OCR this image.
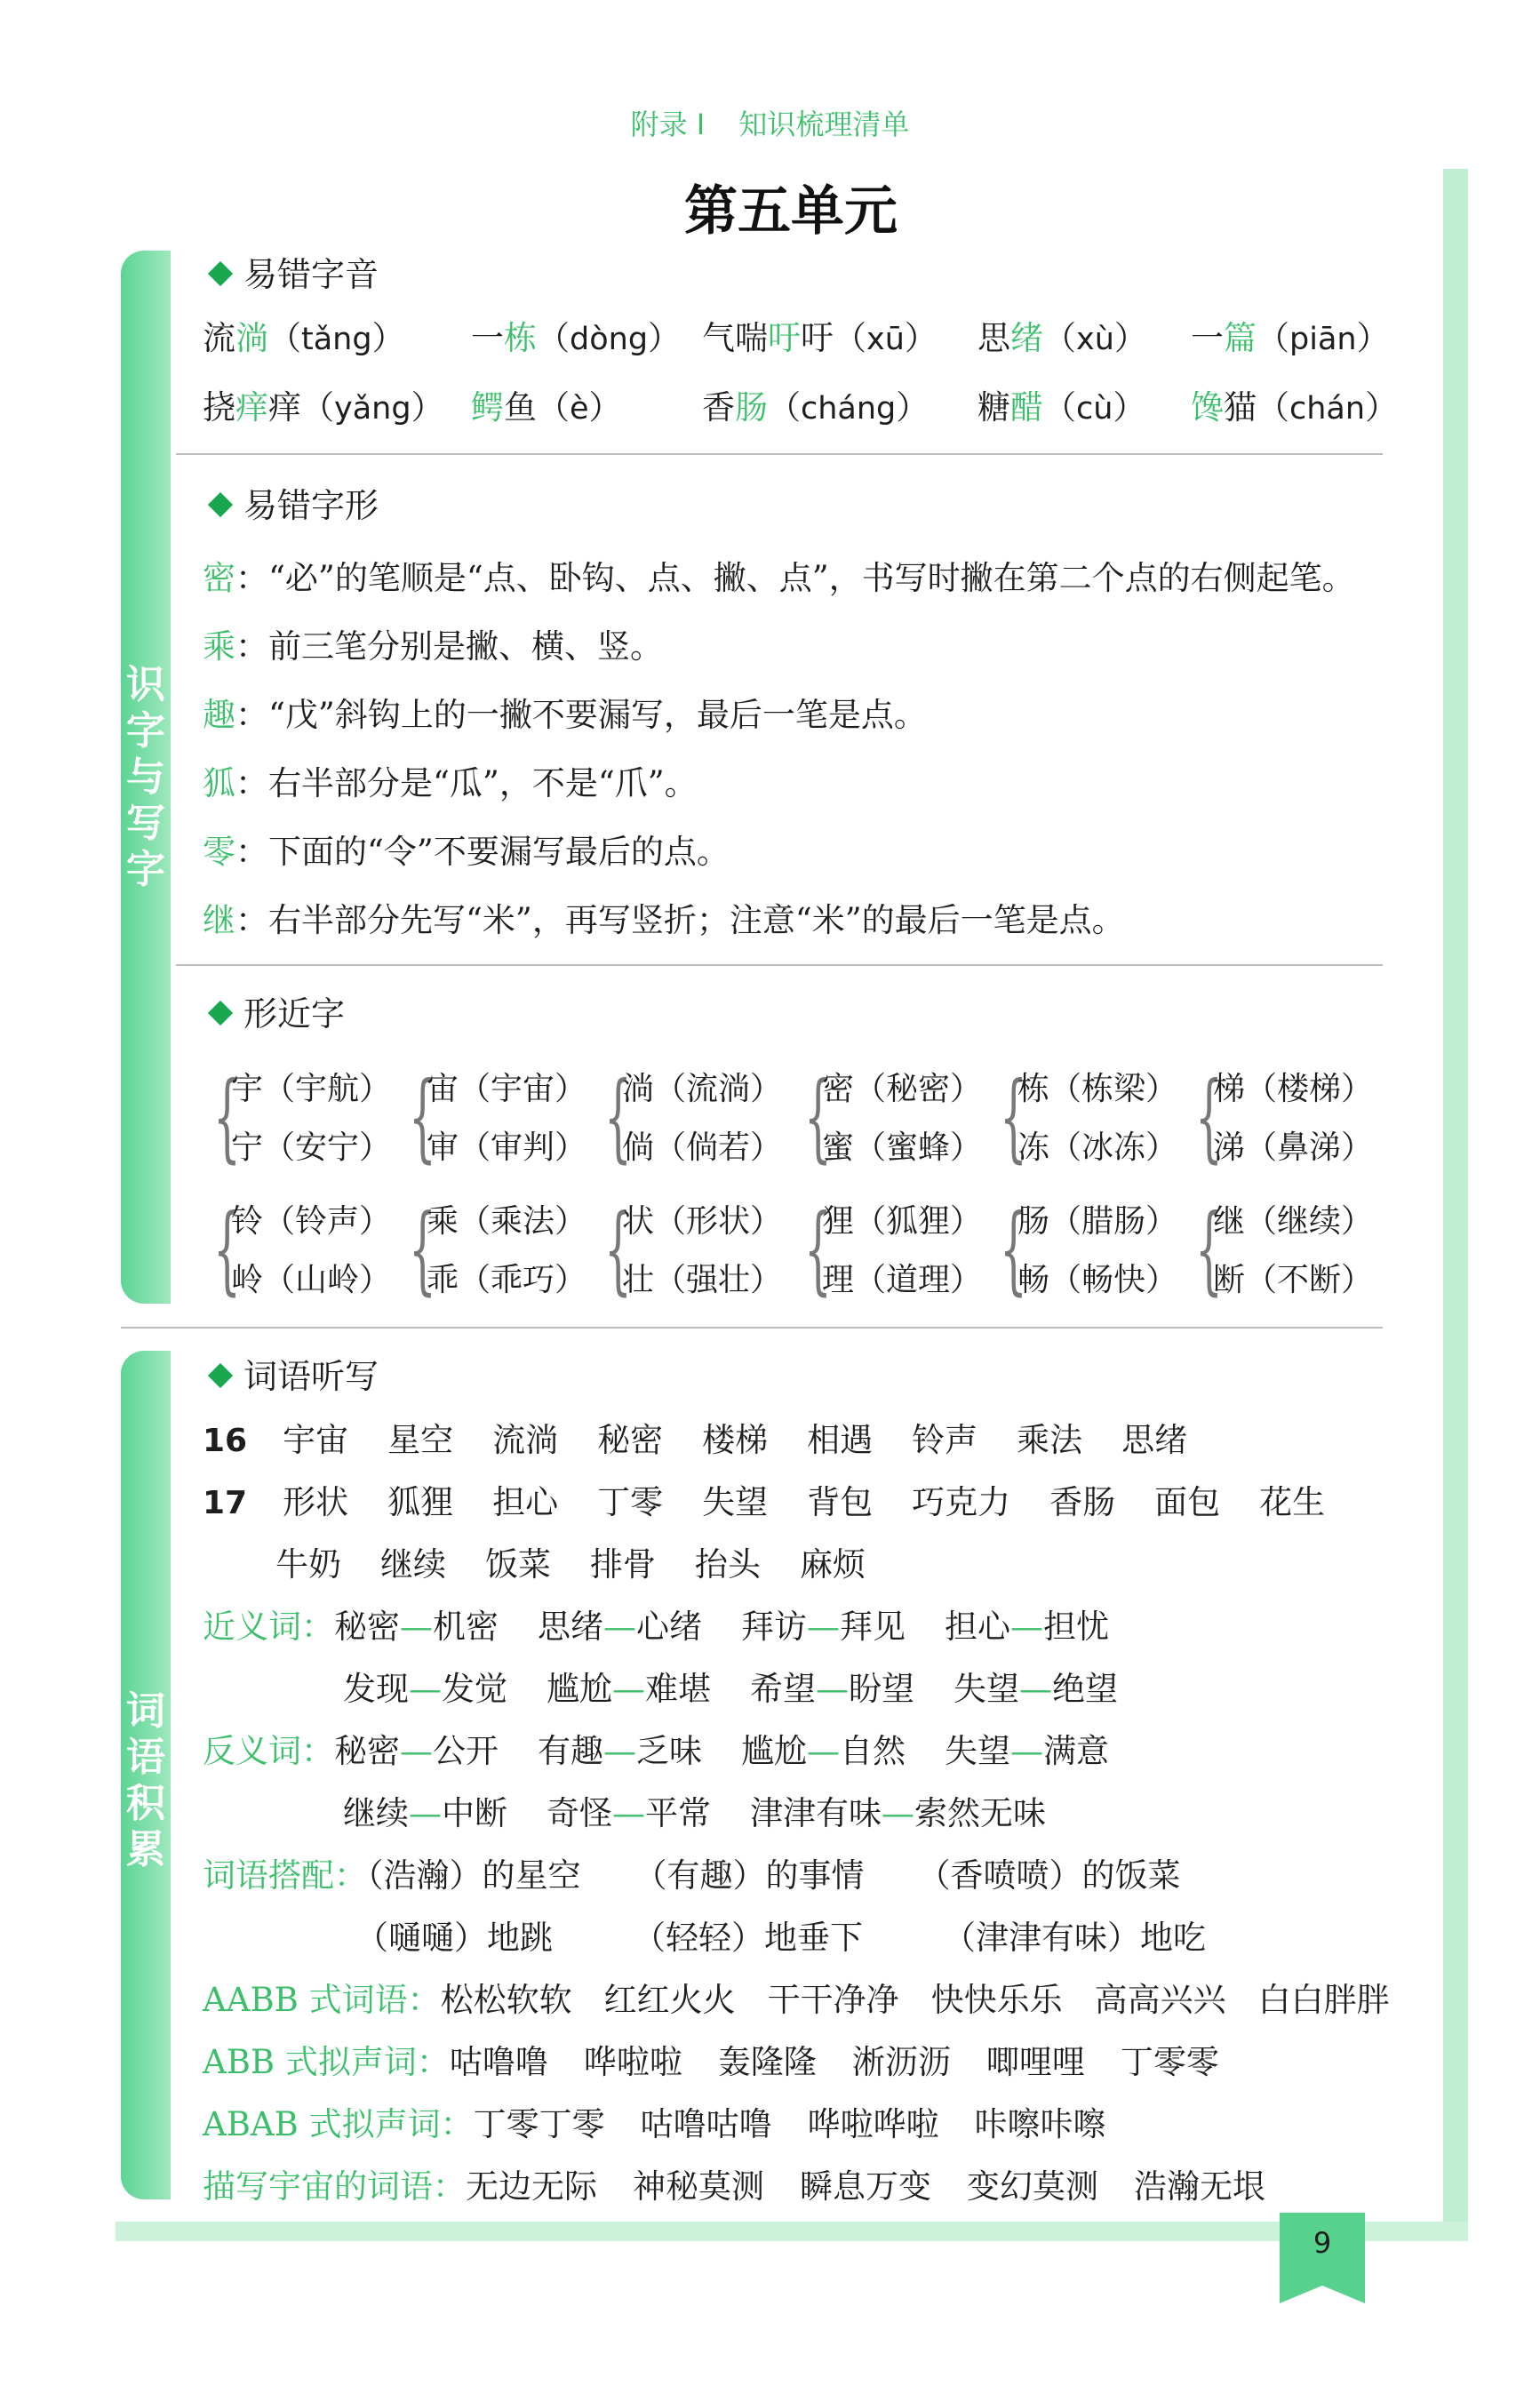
9
附录 I 知识梳理清单
第五单元
识字与写字
词语积累
易错字音
流淌（tǎng） 一栋（dòng） 气喘吁吁（xū） 思绪（xù） 一篇（piān）
挠痒痒（yǎng） 鳄鱼（è） 香肠（cháng） 糖醋（cù） 馋猫（chán）
易错字形
密：“必”的笔顺是“点、卧钩、点、撇、点”，书写时撇在第二个点的右侧起笔。
乘：前三笔分别是撇、横、竖。
趣：“戊”斜钩上的一撇不要漏写，最后一笔是点。
狐：右半部分是“瓜”，不是“爪”。
零：下面的“令”不要漏写最后的点。
继：右半部分先写“米”，再写竖折；注意“米”的最后一笔是点。
形近字
{
宇（宇航）
宁（安宁） {
宙（宇宙）
审（审判） {
淌（流淌）
倘（倘若） {
密（秘密）
蜜（蜜蜂） {
栋（栋梁）
冻（冰冻） {
梯（楼梯）
涕（鼻涕）
{
铃（铃声）
岭（山岭） {
乘（乘法）
乖（乖巧） {
状（形状）
壮（强壮） {
狸（狐狸）
理（道理） {
肠（腊肠）
畅（畅快） {
继（继续）
断（不断）
词语听写
16 宇宙 星空 流淌 秘密 楼梯 相遇 铃声 乘法 思绪
17 形状 狐狸 担心 丁零 失望 背包 巧克力 香肠 面包 花生
牛奶 继续 饭菜 排骨 抬头 麻烦
近义词：秘密—机密 思绪—心绪 拜访—拜见 担心—担忧
发现—发觉 尴尬—难堪 希望—盼望 失望—绝望
反义词：秘密—公开 有趣—乏味 尴尬—自然 失望—满意
继续—中断 奇怪—平常 津津有味—索然无味
词语搭配：（浩瀚）的星空 （有趣）的事情 （香喷喷）的饭菜
（嗵嗵）地跳 （轻轻）地垂下 （津津有味）地吃
AABB 式词语：松松软软 红红火火 干干净净 快快乐乐 高高兴兴 白白胖胖
ABB 式拟声词：咕噜噜 哗啦啦 轰隆隆 淅沥沥 唧哩哩 丁零零
ABAB 式拟声词：丁零丁零 咕噜咕噜 哗啦哗啦 咔嚓咔嚓
描写宇宙的词语：无边无际 神秘莫测 瞬息万变 变幻莫测 浩瀚无垠
